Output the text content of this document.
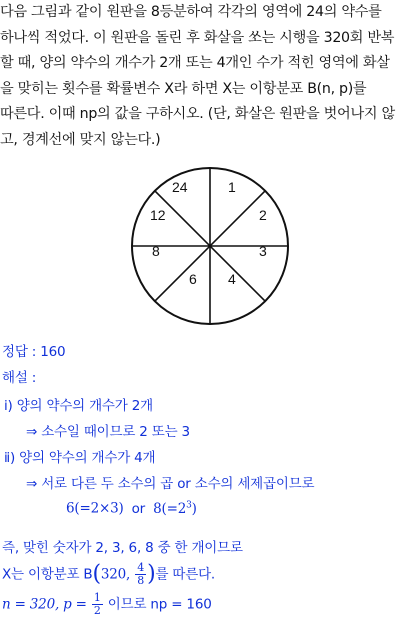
다음 그림과 같이 원판을 8등분하여 각각의 영역에 24의 약수를
하나씩 적었다. 이 원판을 돌린 후 화살을 쏘는 시행을 320회 반복
할 때, 양의 약수의 개수가 2개 또는 4개인 수가 적힌 영역에 화살
을 맞히는 횟수를 확률변수 X라 하면 X는 이항분포 B(n, p)를
따른다. 이때 np의 값을 구하시오. (단, 화살은 원판을 벗어나지 않
고, 경계선에 맞지 않는다.)
1
2
3
4
6
8
12
24
정답 : 160
해설 :
ⅰ) 양의 약수의 개수가 2개
⇒ 소수일 때이므로 2 또는 3
ⅱ) 양의 약수의 개수가 4개
⇒ 서로 다른 두 소수의 곱 or 소수의 세제곱이므로
6(=2×3) or $8(=2^3)$
즉, 맞힌 숫자가 2, 3, 6, 8 중 한 개이므로
X는 이항분포 B(320, $\frac{4}{8}$ )를 따른다.
n = 320, $p = \frac{1}{2}$ 이므로 np = 160
